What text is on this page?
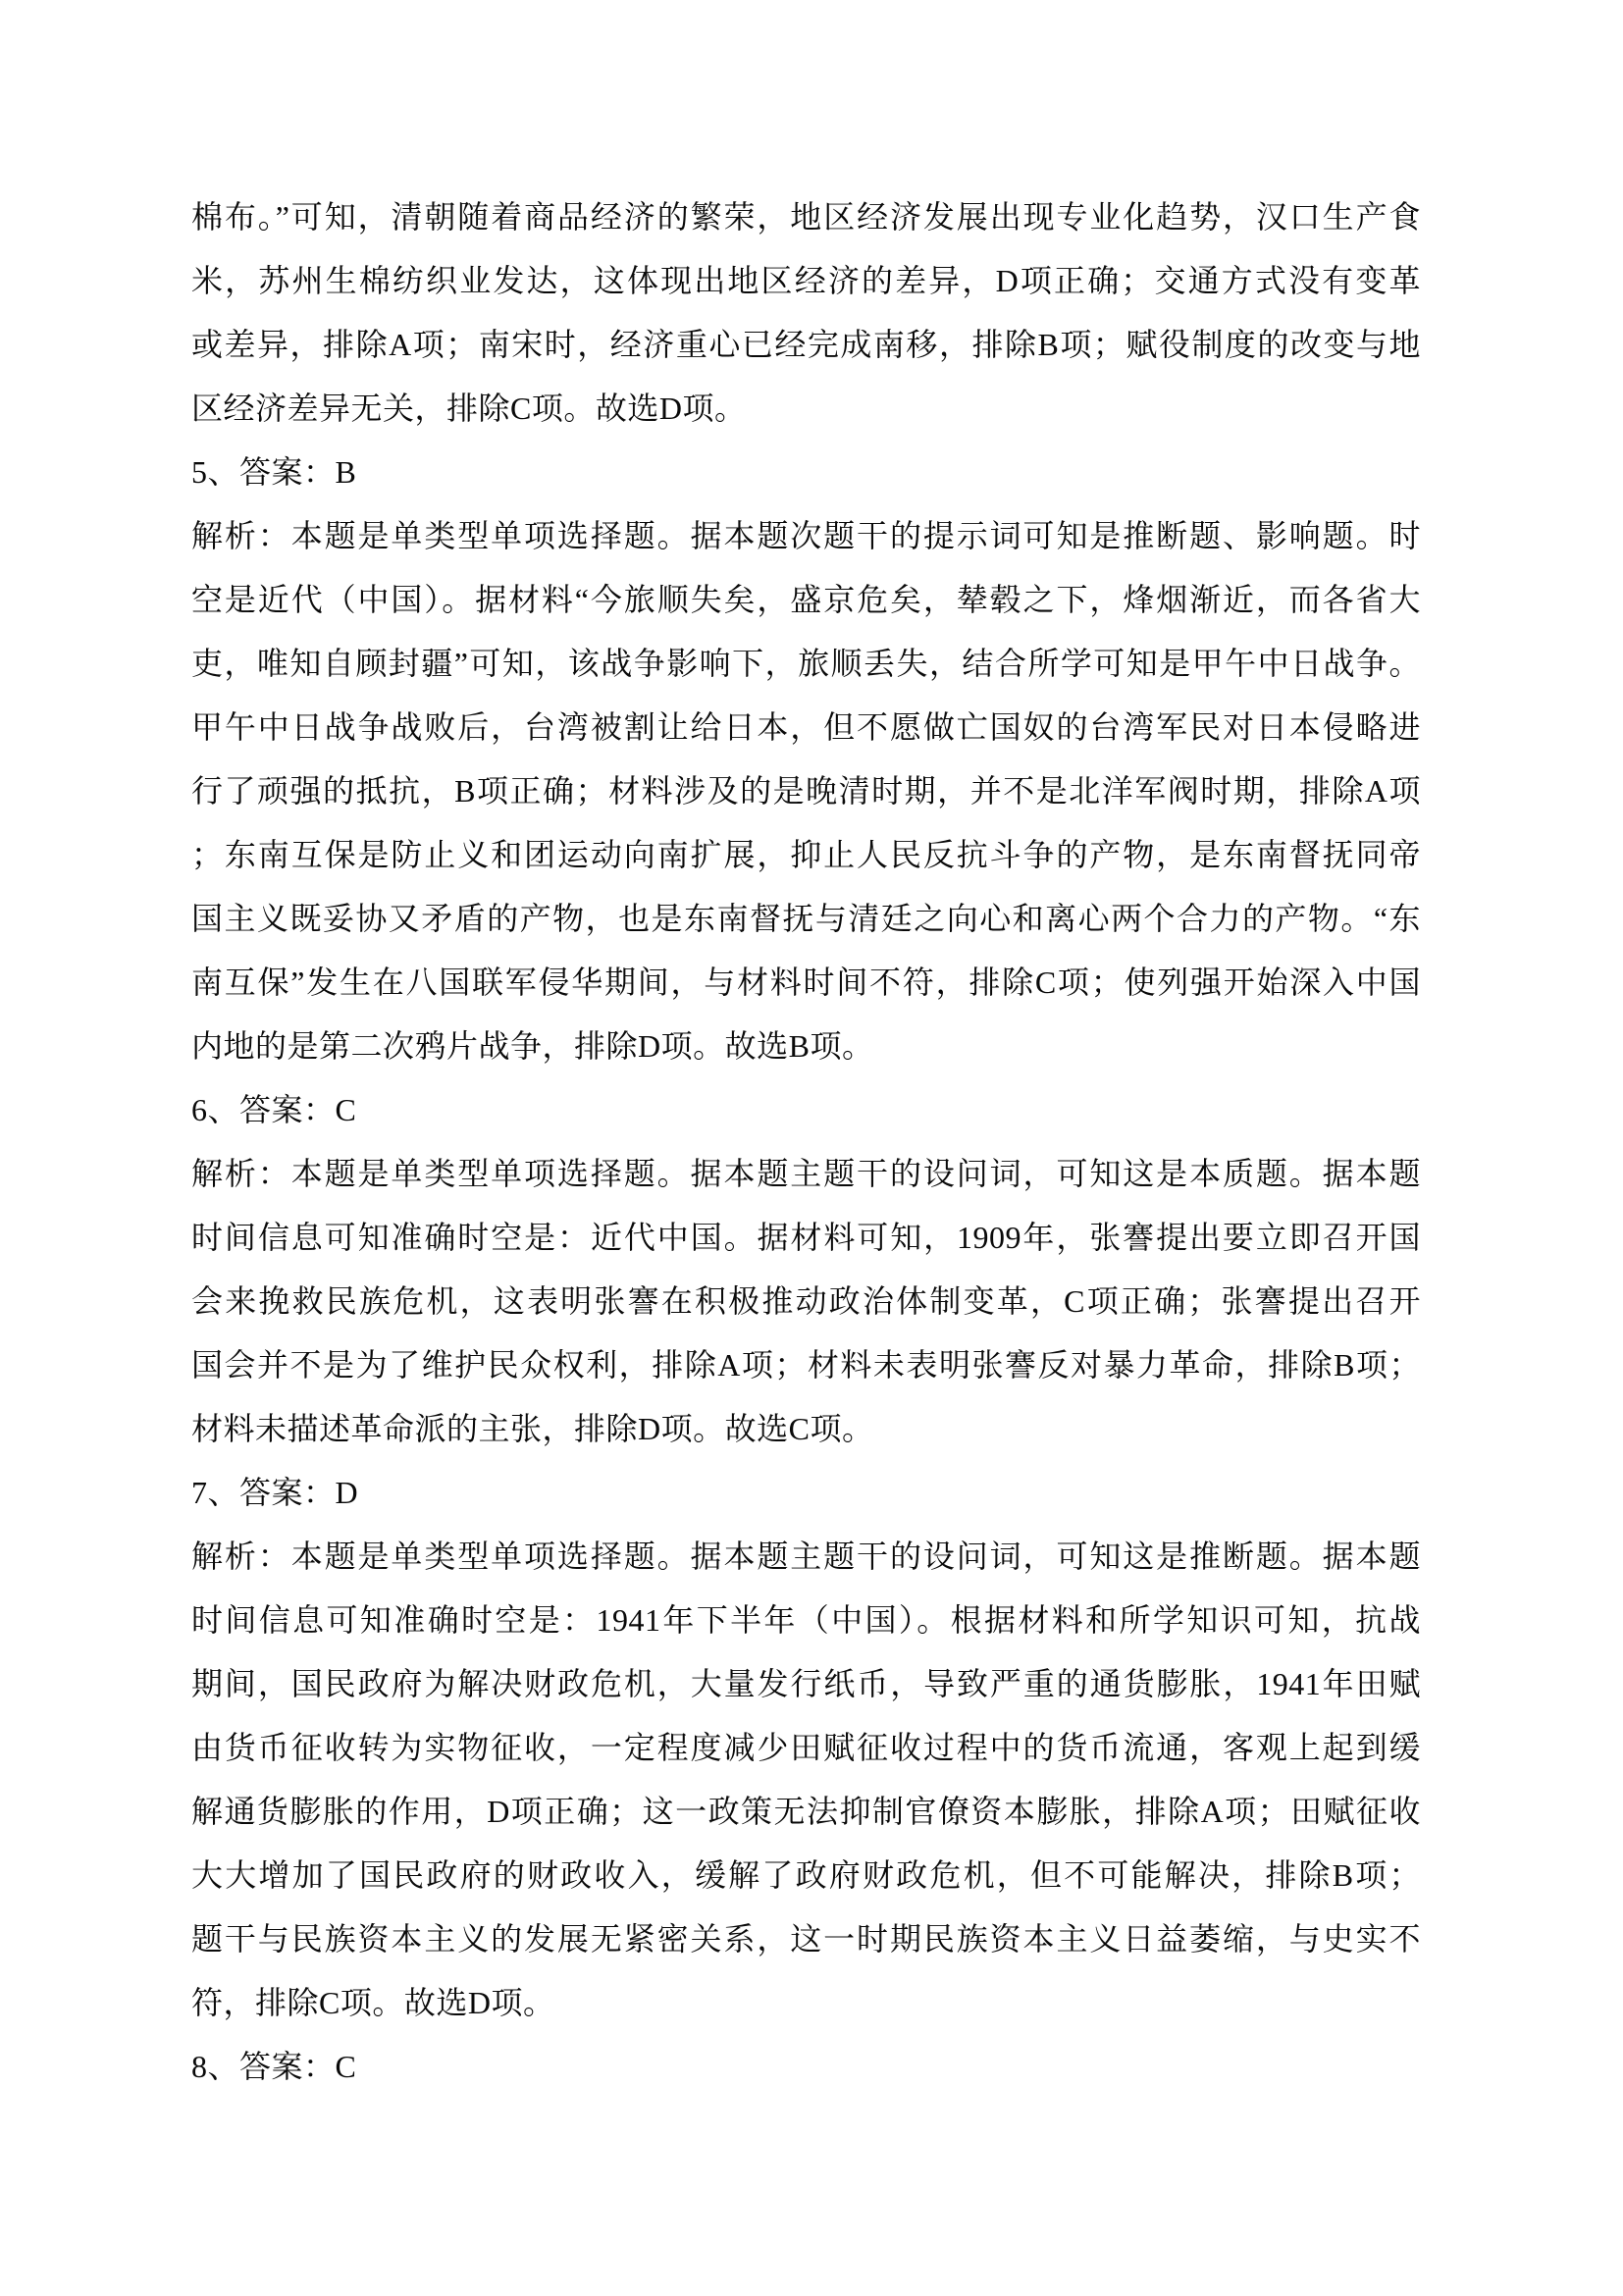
棉布。”可知，清朝随着商品经济的繁荣，地区经济发展出现专业化趋势，汉口生产食
米，苏州生棉纺织业发达，这体现出地区经济的差异，D项正确；交通方式没有变革
或差异，排除A项；南宋时，经济重心已经完成南移，排除B项；赋役制度的改变与地
区经济差异无关，排除C项。故选D项。
5、答案：B
解析：本题是单类型单项选择题。据本题次题干的提示词可知是推断题、影响题。时
空是近代（中国）。据材料“今旅顺失矣，盛京危矣，辇毂之下，烽烟渐近，而各省大
吏，唯知自顾封疆”可知，该战争影响下，旅顺丢失，结合所学可知是甲午中日战争。
甲午中日战争战败后，台湾被割让给日本，但不愿做亡国奴的台湾军民对日本侵略进
行了顽强的抵抗，B项正确；材料涉及的是晚清时期，并不是北洋军阀时期，排除A项
；东南互保是防止义和团运动向南扩展，抑止人民反抗斗争的产物，是东南督抚同帝
国主义既妥协又矛盾的产物，也是东南督抚与清廷之向心和离心两个合力的产物。“东
南互保”发生在八国联军侵华期间，与材料时间不符，排除C项；使列强开始深入中国
内地的是第二次鸦片战争，排除D项。故选B项。
6、答案：C
解析：本题是单类型单项选择题。据本题主题干的设问词，可知这是本质题。据本题
时间信息可知准确时空是：近代中国。据材料可知，1909年，张謇提出要立即召开国
会来挽救民族危机，这表明张謇在积极推动政治体制变革，C项正确；张謇提出召开
国会并不是为了维护民众权利，排除A项；材料未表明张謇反对暴力革命，排除B项；
材料未描述革命派的主张，排除D项。故选C项。
7、答案：D
解析：本题是单类型单项选择题。据本题主题干的设问词，可知这是推断题。据本题
时间信息可知准确时空是：1941年下半年（中国）。根据材料和所学知识可知，抗战
期间，国民政府为解决财政危机，大量发行纸币，导致严重的通货膨胀，1941年田赋
由货币征收转为实物征收，一定程度减少田赋征收过程中的货币流通，客观上起到缓
解通货膨胀的作用，D项正确；这一政策无法抑制官僚资本膨胀，排除A项；田赋征收
大大增加了国民政府的财政收入，缓解了政府财政危机，但不可能解决，排除B项；
题干与民族资本主义的发展无紧密关系，这一时期民族资本主义日益萎缩，与史实不
符，排除C项。故选D项。
8、答案：C
